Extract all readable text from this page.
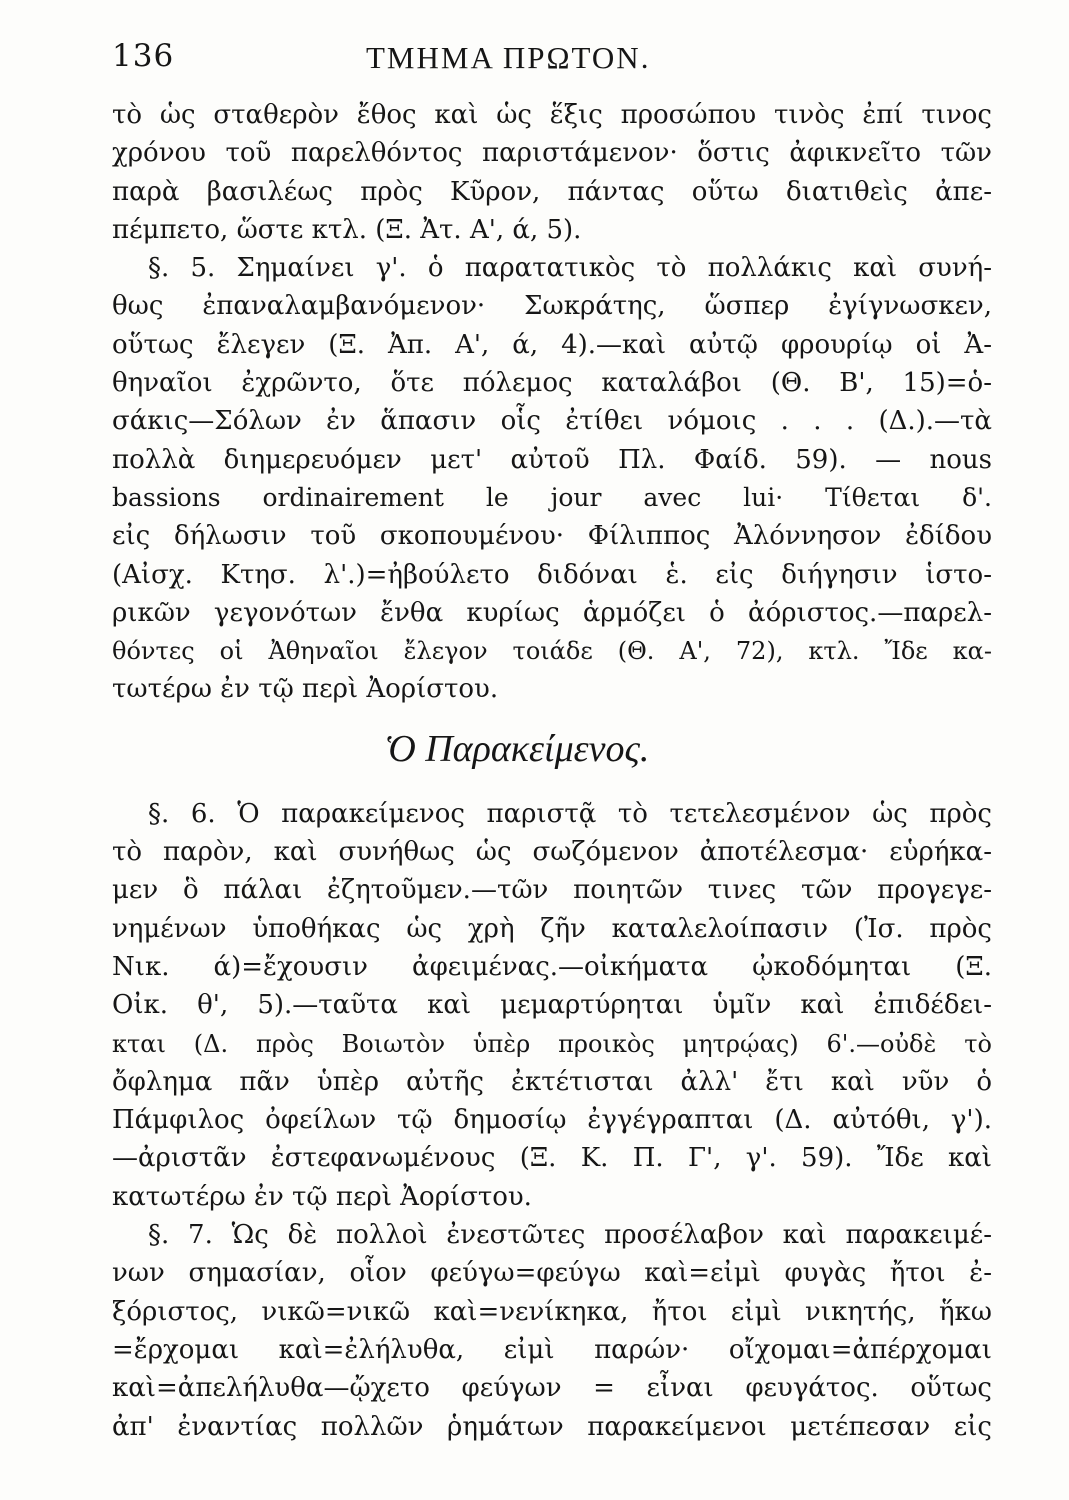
136	ΤΜΗΜΑ ΠΡΩΤΟΝ.
τὸ ὡς σταθερὸν ἔθος καὶ ὡς ἕξις προσώπου τινὸς ἐπί τινος
χρόνου τοῦ παρελθόντος παριστάμενον· ὅστις ἀφικνεῖτο τῶν
παρὰ βασιλέως πρὸς Κῦρον, πάντας οὕτω διατιθεὶς ἀπε-
πέμπετο, ὥστε κτλ. (Ξ. Ἀτ. Α', ά, 5).
§. 5. Σημαίνει γ'. ὁ παρατατικὸς τὸ πολλάκις καὶ συνή-
θως ἐπαναλαμβανόμενον· Σωκράτης, ὥσπερ ἐγίγνωσκεν,
οὕτως ἔλεγεν (Ξ. Ἀπ. Α', ά, 4).—καὶ αὐτῷ φρουρίῳ οἱ Ἀ-
θηναῖοι ἐχρῶντο, ὅτε πόλεμος καταλάβοι (Θ. Β', 15)=ὁ-
σάκις—Σόλων ἐν ἅπασιν οἷς ἐτίθει νόμοις . . . (Δ.).—τὰ
πολλὰ διημερευόμεν μετ' αὐτοῦ Πλ. Φαίδ. 59). — nous
bassions ordinairement le jour avec lui· Τίθεται δ'.
εἰς δήλωσιν τοῦ σκοπουμένου· Φίλιππος Ἀλόννησον ἐδίδου
(Αἰσχ. Κτησ. λ'.)=ἠβούλετο διδόναι ἑ. εἰς διήγησιν ἱστο-
ρικῶν γεγονότων ἔνθα κυρίως ἁρμόζει ὁ ἀόριστος.—παρελ-
θόντες οἱ Ἀθηναῖοι ἔλεγον τοιάδε (Θ. Α', 72), κτλ. Ἴδε κα-
τωτέρω ἐν τῷ περὶ Ἀορίστου.
Ὁ Παρακείμενος.
§. 6. Ὁ παρακείμενος παριστᾷ τὸ τετελεσμένον ὡς πρὸς
τὸ παρὸν, καὶ συνήθως ὡς σωζόμενον ἀποτέλεσμα· εὑρήκα-
μεν ὃ πάλαι ἐζητοῦμεν.—τῶν ποιητῶν τινες τῶν προγεγε-
νημένων ὑποθήκας ὡς χρὴ ζῆν καταλελοίπασιν (Ἰσ. πρὸς
Νικ. ά)=ἔχουσιν ἀφειμένας.—οἰκήματα ᾠκοδόμηται (Ξ.
Οἰκ. θ', 5).—ταῦτα καὶ μεμαρτύρηται ὑμῖν καὶ ἐπιδέδει-
κται (Δ. πρὸς Βοιωτὸν ὑπὲρ προικὸς μητρῴας) 6'.—οὐδὲ τὸ
ὄφλημα πᾶν ὑπὲρ αὐτῆς ἐκτέτισται ἀλλ' ἔτι καὶ νῦν ὁ
Πάμφιλος ὀφείλων τῷ δημοσίῳ ἐγγέγραπται (Δ. αὐτόθι, γ').
—ἀριστᾶν ἐστεφανωμένους (Ξ. Κ. Π. Γ', γ'. 59). Ἴδε καὶ
κατωτέρω ἐν τῷ περὶ Ἀορίστου.
§. 7. Ὡς δὲ πολλοὶ ἐνεστῶτες προσέλαβον καὶ παρακειμέ-
νων σημασίαν, οἷον φεύγω=φεύγω καὶ=εἰμὶ φυγὰς ἤτοι ἐ-
ξόριστος, νικῶ=νικῶ καὶ=νενίκηκα, ἤτοι εἰμὶ νικητής, ἥκω
=ἔρχομαι καὶ=ἐλήλυθα, εἰμὶ παρών· οἴχομαι=ἀπέρχομαι
καὶ=ἀπελήλυθα—ᾤχετο φεύγων = εἶναι φευγάτος. οὕτως
ἀπ' ἐναντίας πολλῶν ῥημάτων παρακείμενοι μετέπεσαν εἰς
